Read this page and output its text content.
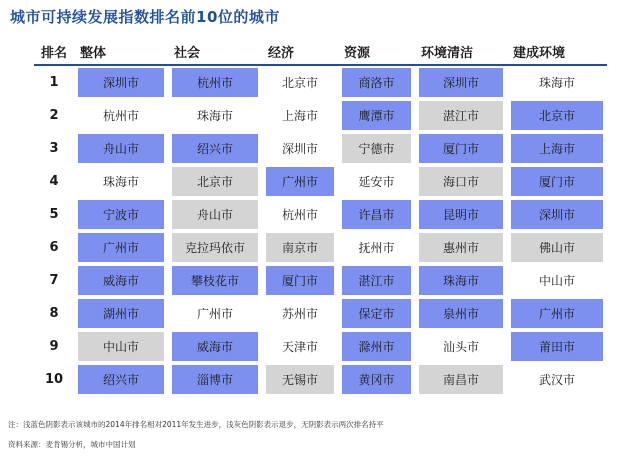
城市可持续发展指数排名前10位的城市
排名	整体	社会	经济	资源	环境清洁	建成环境
1	深圳市	杭州市	北京市	商洛市	深圳市	珠海市

2	杭州市	珠海市	上海市	鹰潭市	湛江市	北京市

3	舟山市	绍兴市	深圳市	宁德市	厦门市	上海市

4	珠海市	北京市	广州市	延安市	海口市	厦门市

5	宁波市	舟山市	杭州市	许昌市	昆明市	深圳市

6	广州市	克拉玛依市	南京市	抚州市	惠州市	佛山市

7	威海市	攀枝花市	厦门市	湛江市	珠海市	中山市

8	湖州市	广州市	苏州市	保定市	泉州市	广州市

9	中山市	威海市	天津市	滁州市	汕头市	莆田市

10	绍兴市	淄博市	无锡市	黄冈市	南昌市	武汉市
注：浅蓝色阴影表示该城市的2014年排名相对2011年发生进步，浅灰色阴影表示退步，无阴影表示两次排名持平
资料来源：麦肯锡分析，城市中国计划
